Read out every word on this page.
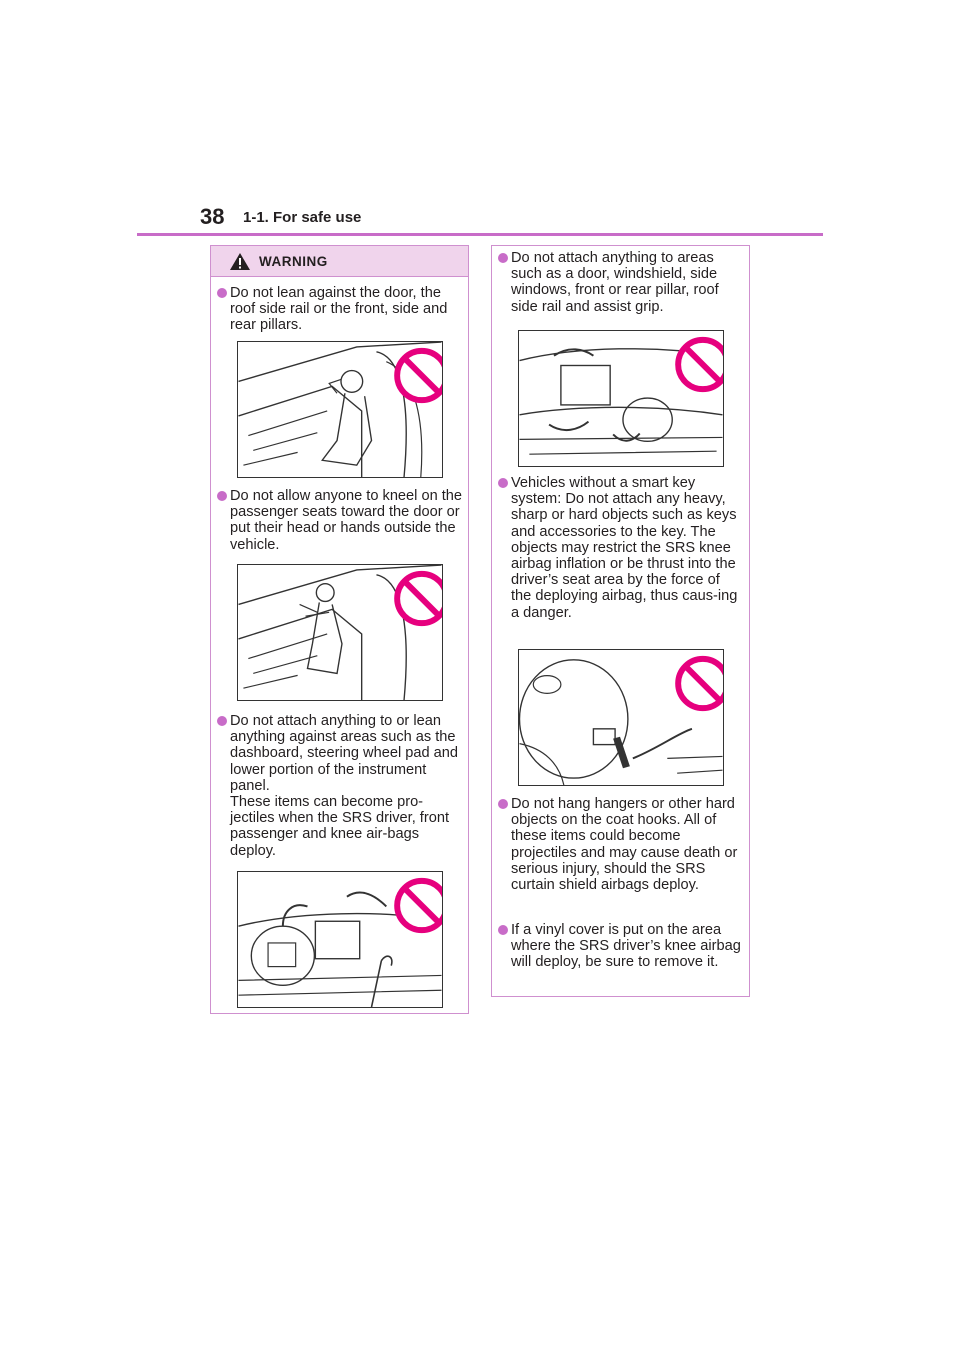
38 1-1. For safe use
WARNING
Do not lean against the door, the roof side rail or the front, side and rear pillars.
Do not allow anyone to kneel on the passenger seats toward the door or put their head or hands outside the vehicle.
Do not attach anything to or lean anything against areas such as the dashboard, steering wheel pad and lower portion of the instrument panel.
These items can become pro-jectiles when the SRS driver, front passenger and knee air-bags deploy.
Do not attach anything to areas such as a door, windshield, side windows, front or rear pillar, roof side rail and assist grip.
Vehicles without a smart key system: Do not attach any heavy, sharp or hard objects such as keys and accessories to the key. The objects may restrict the SRS knee airbag inflation or be thrust into the driver’s seat area by the force of the deploying airbag, thus caus-ing a danger.
Do not hang hangers or other hard objects on the coat hooks. All of these items could become projectiles and may cause death or serious injury, should the SRS curtain shield airbags deploy.
If a vinyl cover is put on the area where the SRS driver’s knee airbag will deploy, be sure to remove it.
